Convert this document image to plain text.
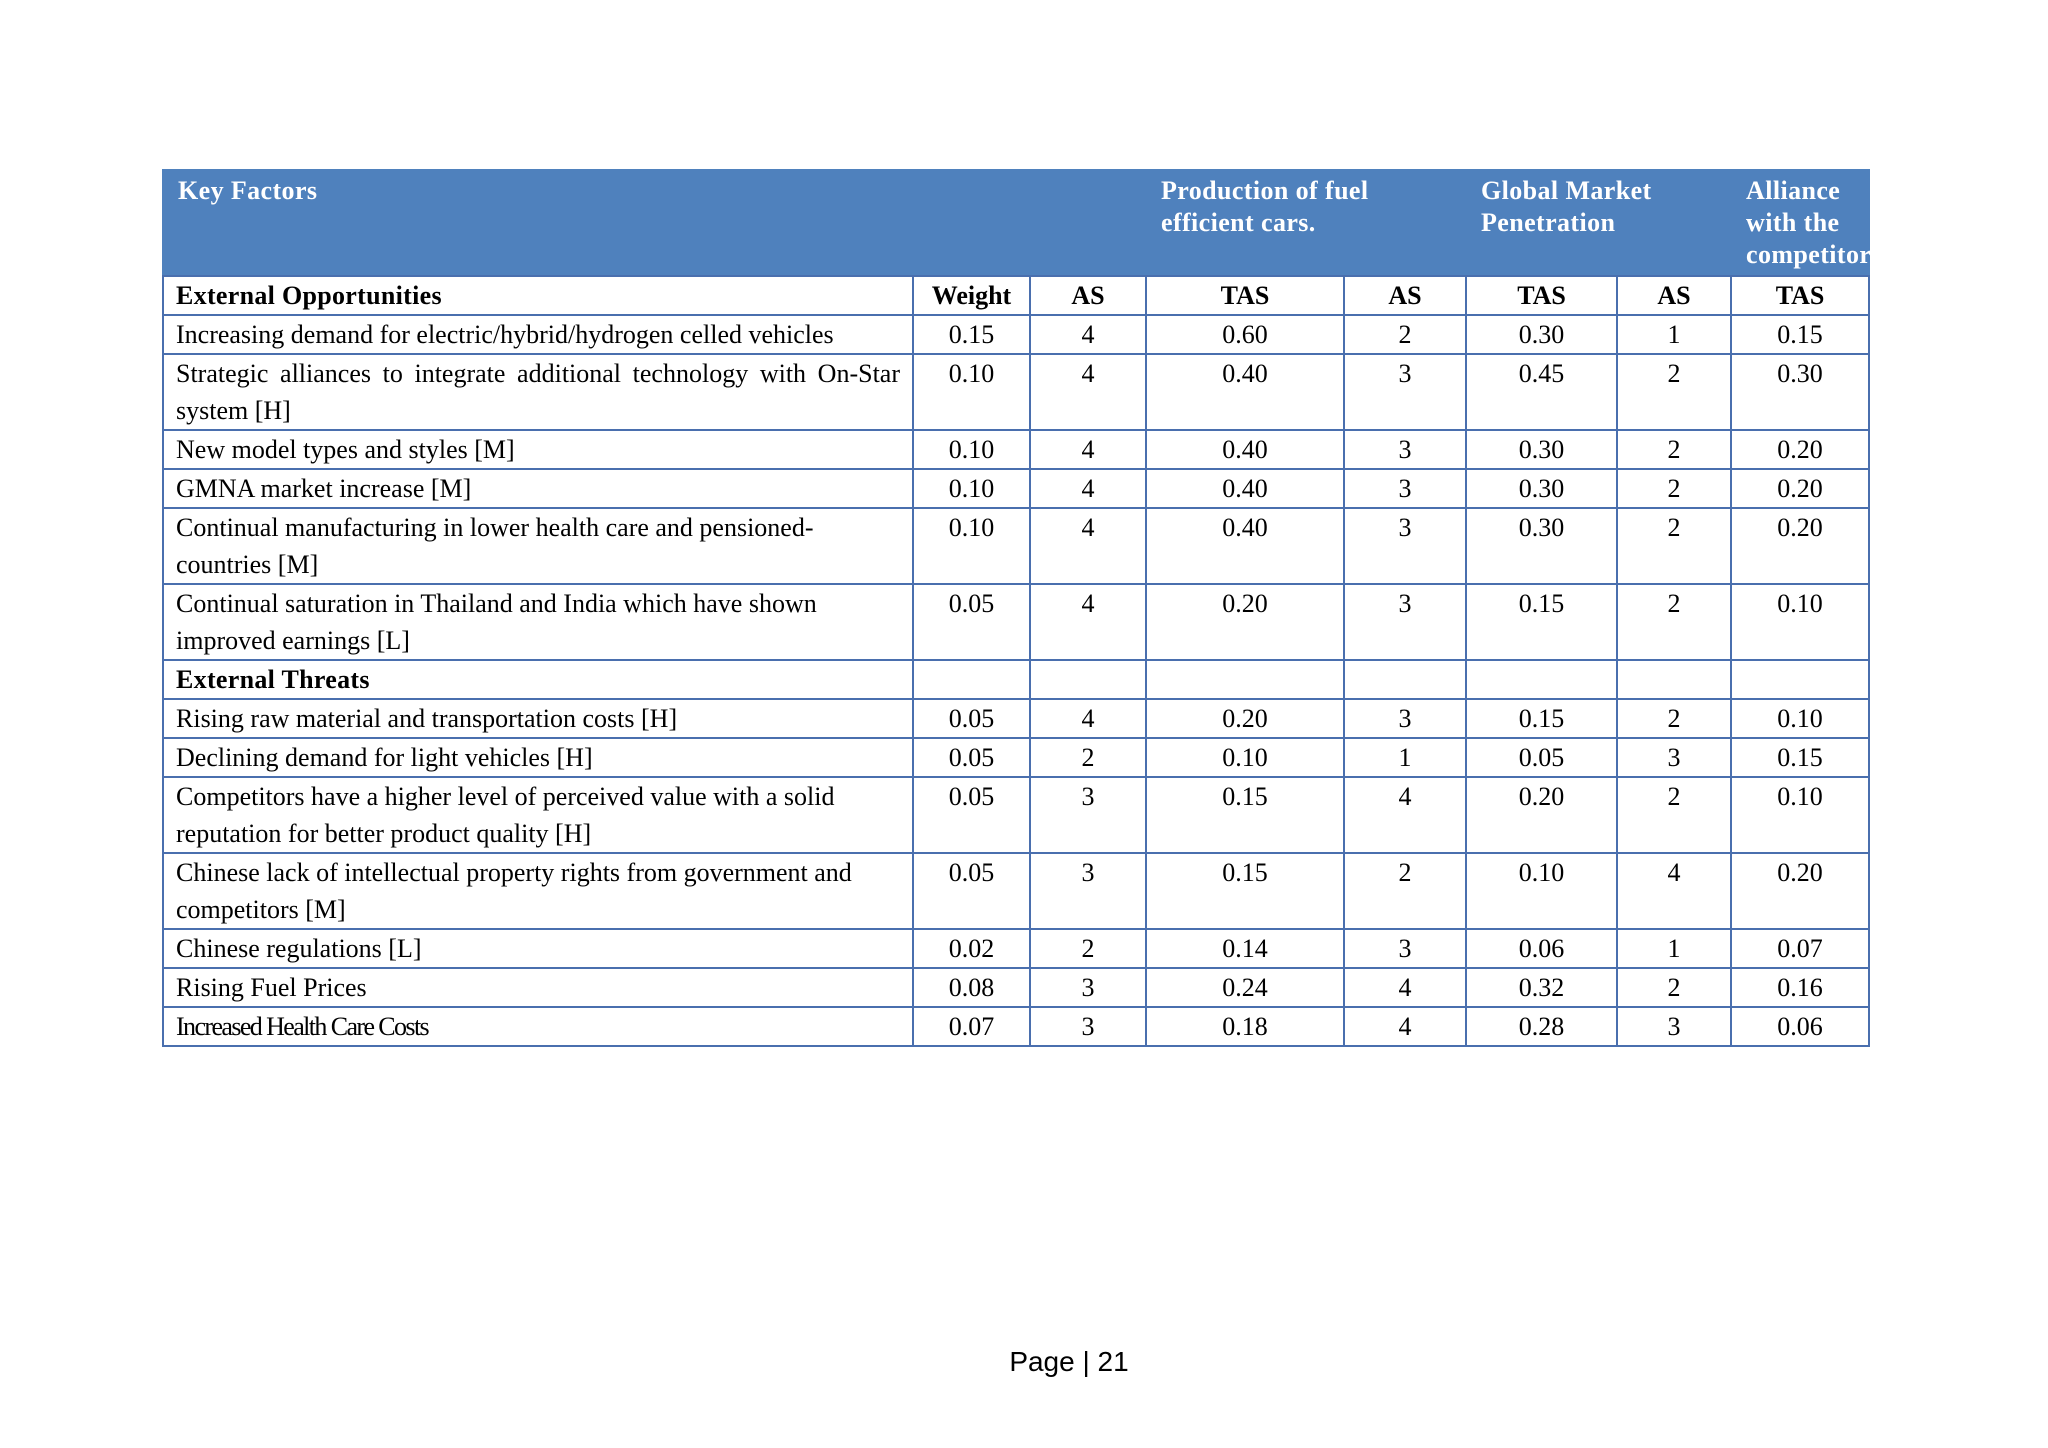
Key Factors			Production of fuel efficient cars.		Global Market Penetration		Alliance with the competitor.
External Opportunities	Weight	AS	TAS	AS	TAS	AS	TAS
Increasing demand for electric/hybrid/hydrogen celled vehicles	0.15	4	0.60	2	0.30	1	0.15
Strategic alliances to integrate additional technology with On-Star system [H]	0.10	4	0.40	3	0.45	2	0.30
New model types and styles [M]	0.10	4	0.40	3	0.30	2	0.20
GMNA market increase [M]	0.10	4	0.40	3	0.30	2	0.20
Continual manufacturing in lower health care and pensioned-countries [M]	0.10	4	0.40	3	0.30	2	0.20
Continual saturation in Thailand and India which have shown improved earnings [L]	0.05	4	0.20	3	0.15	2	0.10
External Threats							
Rising raw material and transportation costs [H]	0.05	4	0.20	3	0.15	2	0.10
Declining demand for light vehicles [H]	0.05	2	0.10	1	0.05	3	0.15
Competitors have a higher level of perceived value with a solid reputation for better product quality [H]	0.05	3	0.15	4	0.20	2	0.10
Chinese lack of intellectual property rights from government and competitors [M]	0.05	3	0.15	2	0.10	4	0.20
Chinese regulations [L]	0.02	2	0.14	3	0.06	1	0.07
Rising Fuel Prices	0.08	3	0.24	4	0.32	2	0.16
Increased Health Care Costs	0.07	3	0.18	4	0.28	3	0.06
Page | 21
